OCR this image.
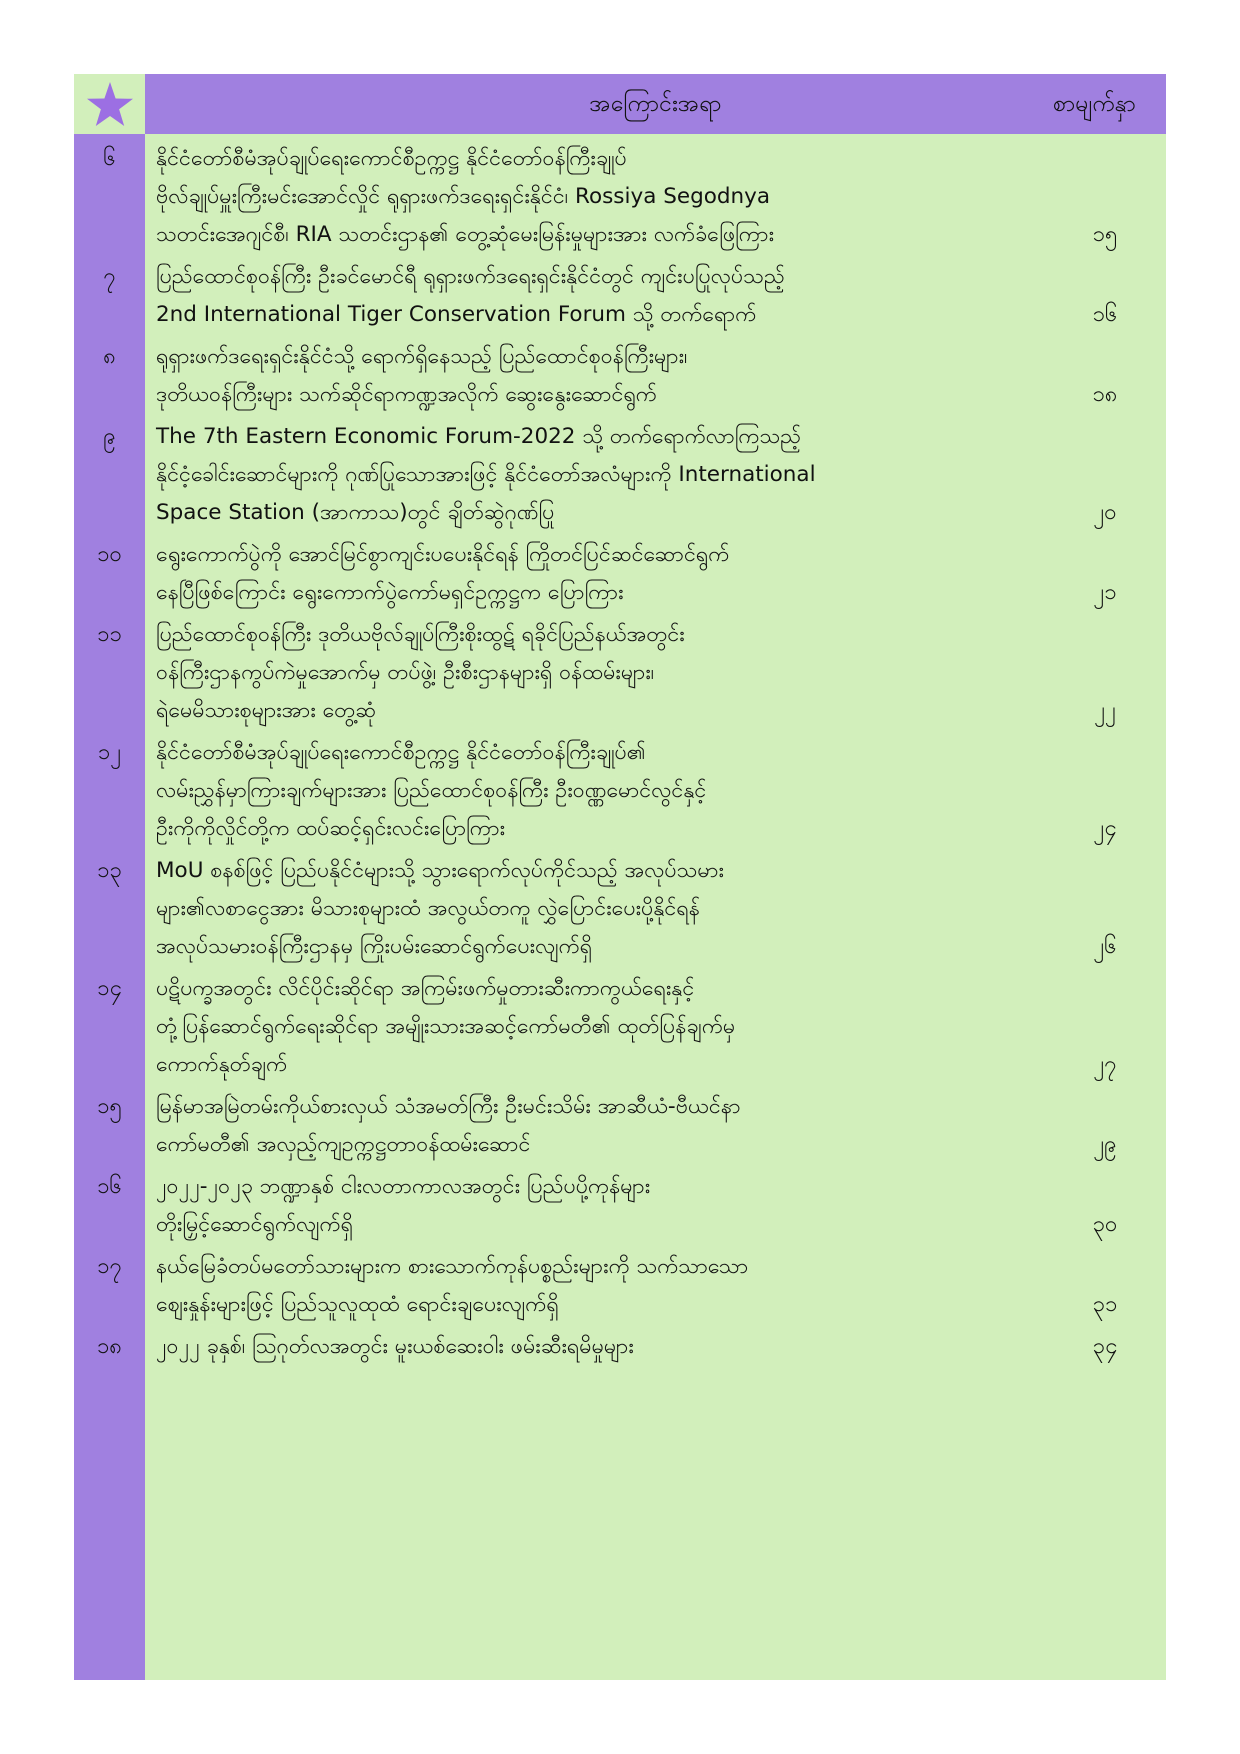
အကြောင်းအရာ	စာမျက်နှာ
၆	နိုင်ငံတော်စီမံအုပ်ချုပ်ရေးကောင်စီဥက္ကဋ္ဌ နိုင်ငံတော်ဝန်ကြီးချုပ်
ဗိုလ်ချုပ်မှူးကြီးမင်းအောင်လှိုင် ရုရှားဖက်ဒရေးရှင်းနိုင်ငံ၊ Rossiya Segodnya
သတင်းအေဂျင်စီ၊ RIA သတင်းဌာန၏ တွေ့ဆုံမေးမြန်းမှုများအား လက်ခံဖြေကြား	၁၅
၇	ပြည်ထောင်စုဝန်ကြီး ဦးခင်မောင်ရီ ရုရှားဖက်ဒရေးရှင်းနိုင်ငံတွင် ကျင်းပပြုလုပ်သည့်
2nd International Tiger Conservation Forum သို့ တက်ရောက်	၁၆
၈	ရုရှားဖက်ဒရေးရှင်းနိုင်ငံသို့ ရောက်ရှိနေသည့် ပြည်ထောင်စုဝန်ကြီးများ၊
ဒုတိယဝန်ကြီးများ သက်ဆိုင်ရာကဏ္ဍအလိုက် ဆွေးနွေးဆောင်ရွက်	၁၈
၉	The 7th Eastern Economic Forum-2022 သို့ တက်ရောက်လာကြသည့်
နိုင်ငံ့ခေါင်းဆောင်များကို ဂုဏ်ပြုသောအားဖြင့် နိုင်ငံတော်အလံများကို International
Space Station (အာကာသ)တွင် ချိတ်ဆွဲဂုဏ်ပြု	၂၀
၁၀	ရွေးကောက်ပွဲကို အောင်မြင်စွာကျင်းပပေးနိုင်ရန် ကြိုတင်ပြင်ဆင်ဆောင်ရွက်
နေပြီဖြစ်ကြောင်း ရွေးကောက်ပွဲကော်မရှင်ဥက္ကဋ္ဌက ပြောကြား	၂၁
၁၁	ပြည်ထောင်စုဝန်ကြီး ဒုတိယဗိုလ်ချုပ်ကြီးစိုးထွဋ် ရခိုင်ပြည်နယ်အတွင်း
ဝန်ကြီးဌာနကွပ်ကဲမှုအောက်မှ တပ်ဖွဲ့၊ ဦးစီးဌာနများရှိ ဝန်ထမ်းများ၊
ရဲမေမိသားစုများအား တွေ့ဆုံ	၂၂
၁၂	နိုင်ငံတော်စီမံအုပ်ချုပ်ရေးကောင်စီဥက္ကဋ္ဌ နိုင်ငံတော်ဝန်ကြီးချုပ်၏
လမ်းညွှန်မှာကြားချက်များအား ပြည်ထောင်စုဝန်ကြီး ဦးဝဏ္ဏမောင်လွင်နှင့်
ဦးကိုကိုလှိုင်တို့က ထပ်ဆင့်ရှင်းလင်းပြောကြား	၂၄
၁၃	MoU စနစ်ဖြင့် ပြည်ပနိုင်ငံများသို့ သွားရောက်လုပ်ကိုင်သည့် အလုပ်သမား
များ၏လစာငွေအား မိသားစုများထံ အလွယ်တကူ လွှဲပြောင်းပေးပို့နိုင်ရန်
အလုပ်သမားဝန်ကြီးဌာနမှ ကြိုးပမ်းဆောင်ရွက်ပေးလျက်ရှိ	၂၆
၁၄	ပဋိပက္ခအတွင်း လိင်ပိုင်းဆိုင်ရာ အကြမ်းဖက်မှုတားဆီးကာကွယ်ရေးနှင့်
တုံ့ပြန်ဆောင်ရွက်ရေးဆိုင်ရာ အမျိုးသားအဆင့်ကော်မတီ၏ ထုတ်ပြန်ချက်မှ
ကောက်နုတ်ချက်	၂၇
၁၅	မြန်မာအမြဲတမ်းကိုယ်စားလှယ် သံအမတ်ကြီး ဦးမင်းသိမ်း အာဆီယံ-ဗီယင်နာ
ကော်မတီ၏ အလှည့်ကျဥက္ကဋ္ဌတာဝန်ထမ်းဆောင်	၂၉
၁၆	၂၀၂၂-၂၀၂၃ ဘဏ္ဍာနှစ် ငါးလတာကာလအတွင်း ပြည်ပပို့ကုန်များ
တိုးမြှင့်ဆောင်ရွက်လျက်ရှိ	၃၀
၁၇	နယ်မြေခံတပ်မတော်သားများက စားသောက်ကုန်ပစ္စည်းများကို သက်သာသော
ဈေးနှုန်းများဖြင့် ပြည်သူလူထုထံ ရောင်းချပေးလျက်ရှိ	၃၁
၁၈	၂၀၂၂ ခုနှစ်၊ ဩဂုတ်လအတွင်း မူးယစ်ဆေးဝါး ဖမ်းဆီးရမိမှုများ	၃၄
